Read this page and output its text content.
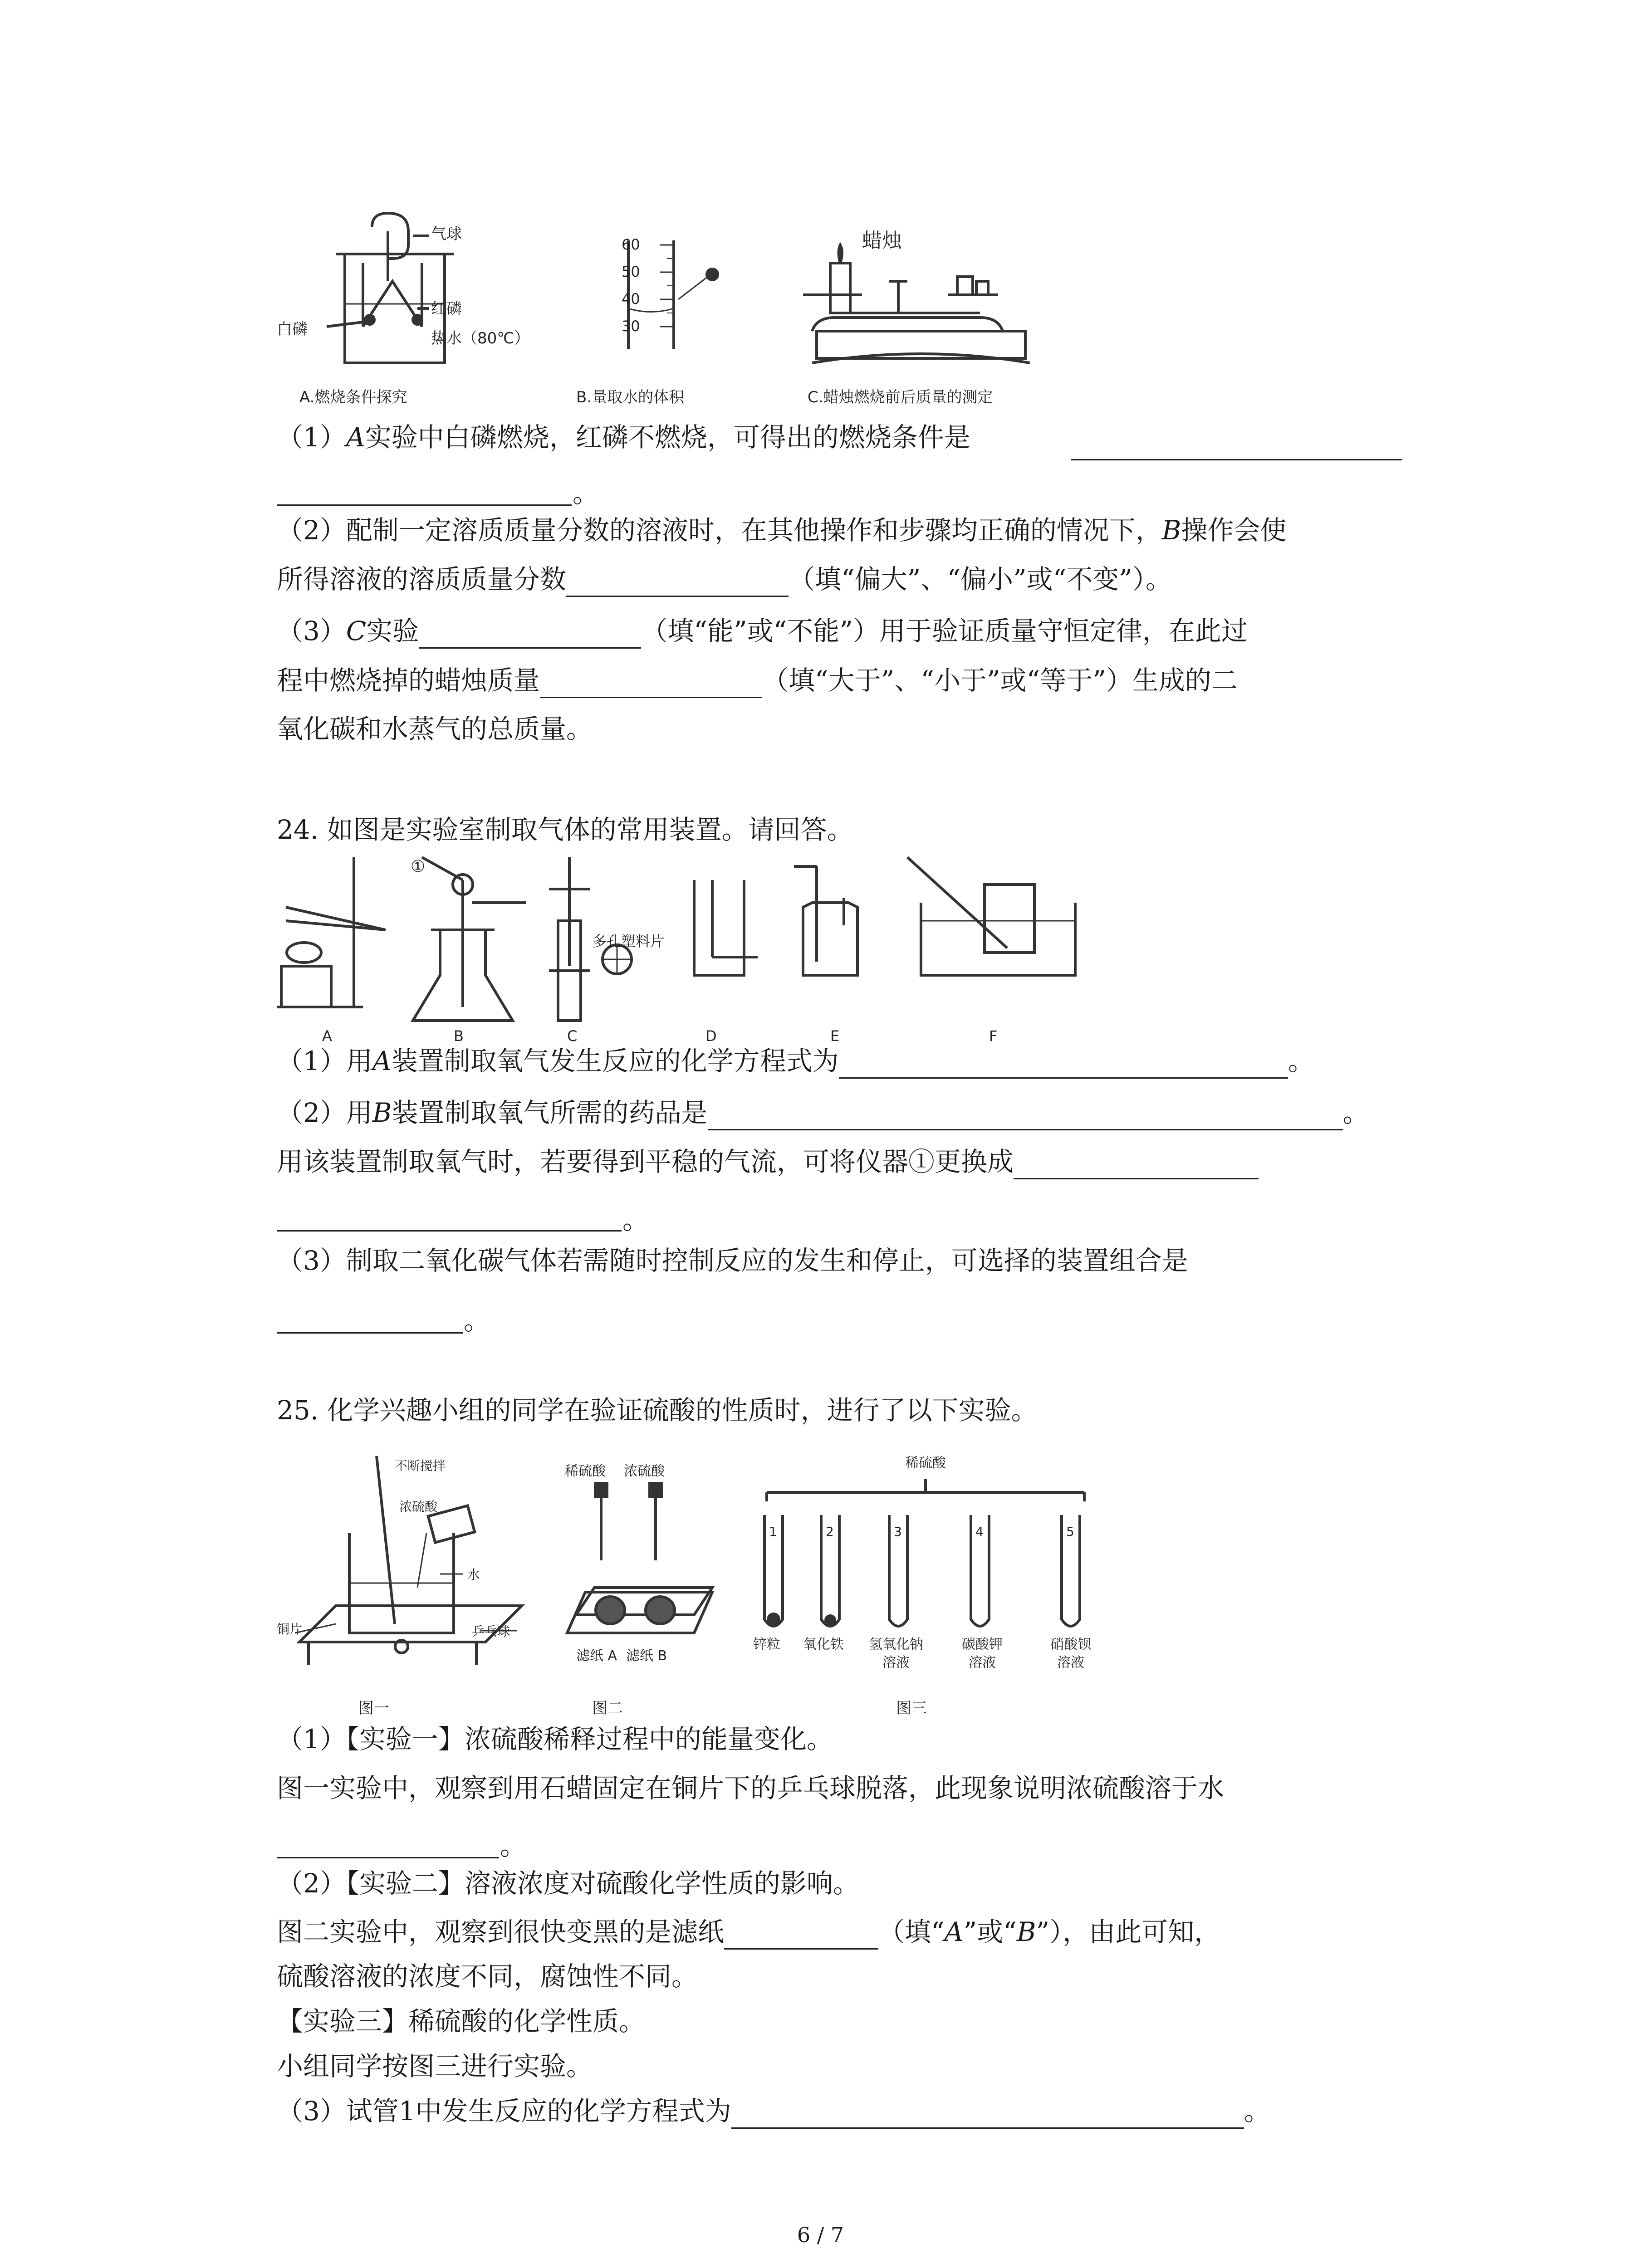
气球
白磷
红磷
热水（80℃）
A.燃烧条件探究
60
50
40
30
B.量取水的体积
蜡烛
C.蜡烛燃烧前后质量的测定
（1）A实验中白磷燃烧，红磷不燃烧，可得出的燃烧条件是
。
（2）配制一定溶质质量分数的溶液时，在其他操作和步骤均正确的情况下，B操作会使
所得溶液的溶质质量分数	（填“偏大”、“偏小”或“不变”）。
（3）C实验	（填“能”或“不能”）用于验证质量守恒定律，在此过
程中燃烧掉的蜡烛质量	（填“大于”、“小于”或“等于”）生成的二
氧化碳和水蒸气的总质量。
24. 如图是实验室制取气体的常用装置。请回答。
A	B	C	D	E	F
①
多孔塑料片
（1）用A装置制取氧气发生反应的化学方程式为	。
（2）用B装置制取氧气所需的药品是	。
用该装置制取氧气时，若要得到平稳的气流，可将仪器①更换成
。
（3）制取二氧化碳气体若需随时控制反应的发生和停止，可选择的装置组合是
。
25. 化学兴趣小组的同学在验证硫酸的性质时，进行了以下实验。
不断搅拌
浓硫酸
水
铜片	乒乓球
图一
稀硫酸 浓硫酸
滤纸 A 滤纸 B
图二
稀硫酸
1	2	3	4	5
锌粒 氧化铁 氢氧化钠
溶液
碳酸钾
溶液
硝酸钡
溶液
图三
（1）【实验一】浓硫酸稀释过程中的能量变化。
图一实验中，观察到用石蜡固定在铜片下的乒乓球脱落，此现象说明浓硫酸溶于水
。
（2）【实验二】溶液浓度对硫酸化学性质的影响。
图二实验中，观察到很快变黑的是滤纸	（填“A”或“B”），由此可知，
硫酸溶液的浓度不同，腐蚀性不同。
【实验三】稀硫酸的化学性质。
小组同学按图三进行实验。
（3）试管1中发生反应的化学方程式为	。
6 / 7
